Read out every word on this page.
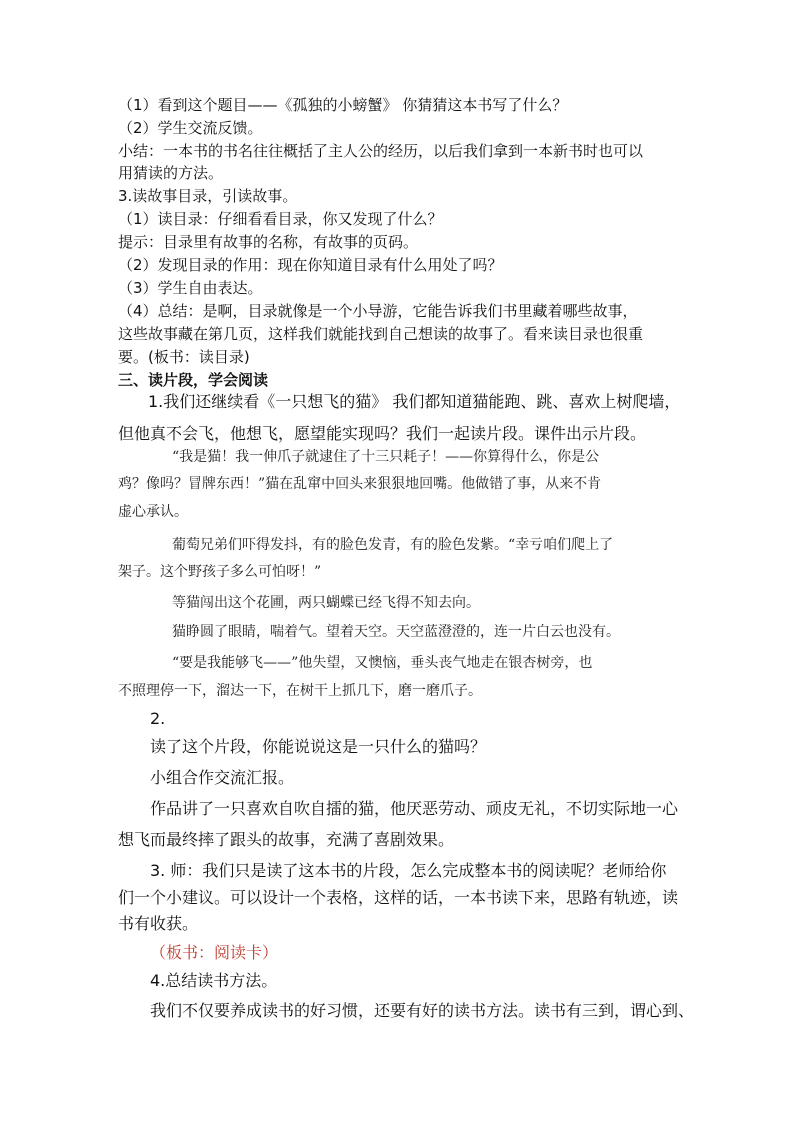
（1）看到这个题目——《孤独的小螃蟹》 你猜猜这本书写了什么？

（2）学生交流反馈。

小结：一本书的书名往往概括了主人公的经历，以后我们拿到一本新书时也可以

用猜读的方法。

3.读故事目录，引读故事。

（1）读目录：仔细看看目录，你又发现了什么？

提示：目录里有故事的名称，有故事的页码。

（2）发现目录的作用：现在你知道目录有什么用处了吗？

（3）学生自由表达。

（4）总结：是啊，目录就像是一个小导游，它能告诉我们书里藏着哪些故事，

这些故事藏在第几页，这样我们就能找到自己想读的故事了。看来读目录也很重

要。(板书：读目录)

三、读片段，学会阅读

1.我们还继续看《一只想飞的猫》 我们都知道猫能跑、跳、喜欢上树爬墙，

但他真不会飞，他想飞，愿望能实现吗？我们一起读片段。课件出示片段。

“我是猫！我一伸爪子就逮住了十三只耗子！——你算得什么，你是公

鸡？像吗？冒牌东西！”猫在乱窜中回头来狠狠地回嘴。他做错了事，从来不肯

虚心承认。

葡萄兄弟们吓得发抖，有的脸色发青，有的脸色发紫。“幸亏咱们爬上了

架子。这个野孩子多么可怕呀！”

等猫闯出这个花圃，两只蝴蝶已经飞得不知去向。

猫睁圆了眼睛，喘着气。望着天空。天空蓝澄澄的，连一片白云也没有。

“要是我能够飞——”他失望，又懊恼，垂头丧气地走在银杏树旁，也

不照理停一下，溜达一下，在树干上抓几下，磨一磨爪子。

2.

读了这个片段，你能说说这是一只什么的猫吗？

小组合作交流汇报。

作品讲了一只喜欢自吹自擂的猫，他厌恶劳动、顽皮无礼，不切实际地一心

想飞而最终摔了跟头的故事，充满了喜剧效果。

3. 师：我们只是读了这本书的片段，怎么完成整本书的阅读呢？老师给你

们一个小建议。可以设计一个表格，这样的话，一本书读下来，思路有轨迹，读

书有收获。

（板书：阅读卡）

4.总结读书方法。

我们不仅要养成读书的好习惯，还要有好的读书方法。读书有三到，谓心到、
